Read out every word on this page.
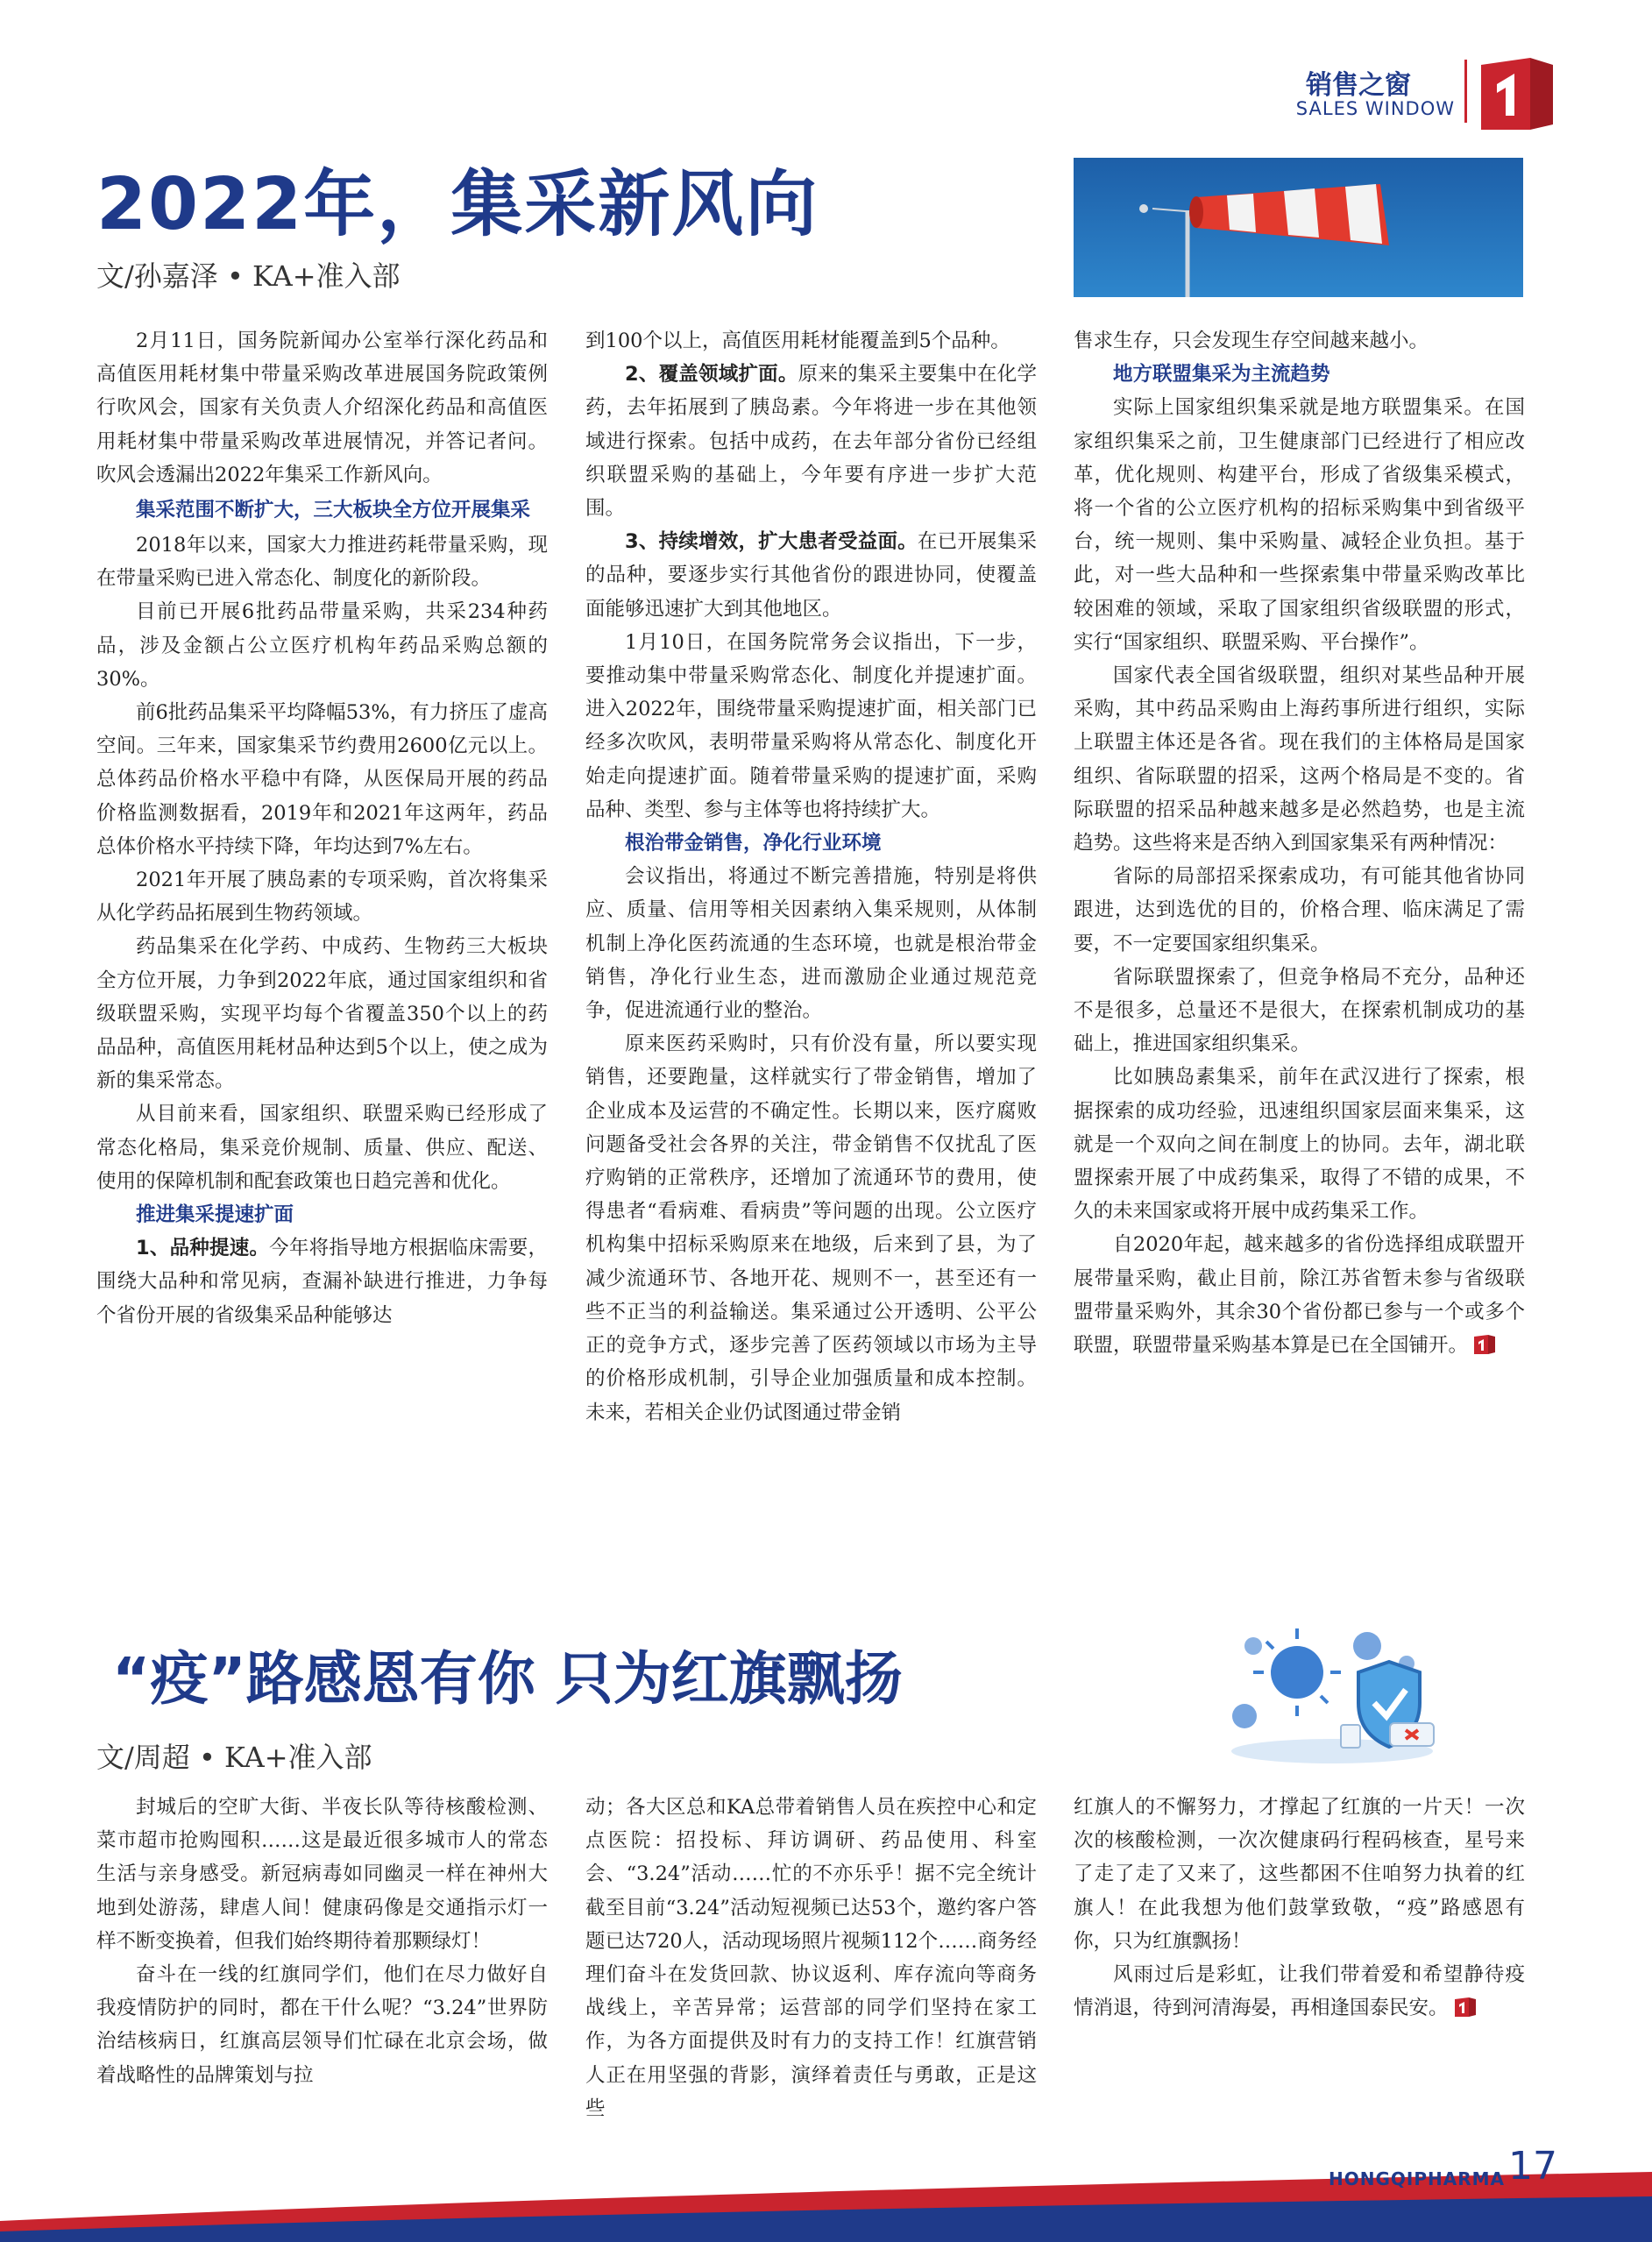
销售之窗
SALES WINDOW
2022年，集采新风向
文/孙嘉泽 • KA+准入部

2月11日，国务院新闻办公室举行深化药品和高值医用耗材集中带量采购改革进展国务院政策例行吹风会，国家有关负责人介绍深化药品和高值医用耗材集中带量采购改革进展情况，并答记者问。吹风会透漏出2022年集采工作新风向。

集采范围不断扩大，三大板块全方位开展集采

2018年以来，国家大力推进药耗带量采购，现在带量采购已进入常态化、制度化的新阶段。

目前已开展6批药品带量采购，共采234种药品，涉及金额占公立医疗机构年药品采购总额的30%。

前6批药品集采平均降幅53%，有力挤压了虚高空间。三年来，国家集采节约费用2600亿元以上。总体药品价格水平稳中有降，从医保局开展的药品价格监测数据看，2019年和2021年这两年，药品总体价格水平持续下降，年均达到7%左右。

2021年开展了胰岛素的专项采购，首次将集采从化学药品拓展到生物药领域。

药品集采在化学药、中成药、生物药三大板块全方位开展，力争到2022年底，通过国家组织和省级联盟采购，实现平均每个省覆盖350个以上的药品品种，高值医用耗材品种达到5个以上，使之成为新的集采常态。

从目前来看，国家组织、联盟采购已经形成了常态化格局，集采竞价规制、质量、供应、配送、使用的保障机制和配套政策也日趋完善和优化。

推进集采提速扩面

1、品种提速。今年将指导地方根据临床需要，围绕大品种和常见病，查漏补缺进行推进，力争每个省份开展的省级集采品种能够达

到100个以上，高值医用耗材能覆盖到5个品种。

2、覆盖领域扩面。原来的集采主要集中在化学药，去年拓展到了胰岛素。今年将进一步在其他领域进行探索。包括中成药，在去年部分省份已经组织联盟采购的基础上，今年要有序进一步扩大范围。

3、持续增效，扩大患者受益面。在已开展集采的品种，要逐步实行其他省份的跟进协同，使覆盖面能够迅速扩大到其他地区。

1月10日，在国务院常务会议指出，下一步，要推动集中带量采购常态化、制度化并提速扩面。进入2022年，围绕带量采购提速扩面，相关部门已经多次吹风，表明带量采购将从常态化、制度化开始走向提速扩面。随着带量采购的提速扩面，采购品种、类型、参与主体等也将持续扩大。

根治带金销售，净化行业环境

会议指出，将通过不断完善措施，特别是将供应、质量、信用等相关因素纳入集采规则，从体制机制上净化医药流通的生态环境，也就是根治带金销售，净化行业生态，进而激励企业通过规范竞争，促进流通行业的整治。

原来医药采购时，只有价没有量，所以要实现销售，还要跑量，这样就实行了带金销售，增加了企业成本及运营的不确定性。长期以来，医疗腐败问题备受社会各界的关注，带金销售不仅扰乱了医疗购销的正常秩序，还增加了流通环节的费用，使得患者“看病难、看病贵”等问题的出现。公立医疗机构集中招标采购原来在地级，后来到了县，为了减少流通环节、各地开花、规则不一，甚至还有一些不正当的利益输送。集采通过公开透明、公平公正的竞争方式，逐步完善了医药领域以市场为主导的价格形成机制，引导企业加强质量和成本控制。未来，若相关企业仍试图通过带金销

售求生存，只会发现生存空间越来越小。

地方联盟集采为主流趋势

实际上国家组织集采就是地方联盟集采。在国家组织集采之前，卫生健康部门已经进行了相应改革，优化规则、构建平台，形成了省级集采模式，将一个省的公立医疗机构的招标采购集中到省级平台，统一规则、集中采购量、减轻企业负担。基于此，对一些大品种和一些探索集中带量采购改革比较困难的领域，采取了国家组织省级联盟的形式，实行“国家组织、联盟采购、平台操作”。

国家代表全国省级联盟，组织对某些品种开展采购，其中药品采购由上海药事所进行组织，实际上联盟主体还是各省。现在我们的主体格局是国家组织、省际联盟的招采，这两个格局是不变的。省际联盟的招采品种越来越多是必然趋势，也是主流趋势。这些将来是否纳入到国家集采有两种情况：

省际的局部招采探索成功，有可能其他省协同跟进，达到选优的目的，价格合理、临床满足了需要，不一定要国家组织集采。

省际联盟探索了，但竞争格局不充分，品种还不是很多，总量还不是很大，在探索机制成功的基础上，推进国家组织集采。

比如胰岛素集采，前年在武汉进行了探索，根据探索的成功经验，迅速组织国家层面来集采，这就是一个双向之间在制度上的协同。去年，湖北联盟探索开展了中成药集采，取得了不错的成果，不久的未来国家或将开展中成药集采工作。

自2020年起，越来越多的省份选择组成联盟开展带量采购，截止目前，除江苏省暂未参与省级联盟带量采购外，其余30个省份都已参与一个或多个联盟，联盟带量采购基本算是已在全国铺开。

“疫”路感恩有你 只为红旗飘扬
文/周超 • KA+准入部

封城后的空旷大街、半夜长队等待核酸检测、菜市超市抢购囤积……这是最近很多城市人的常态生活与亲身感受。新冠病毒如同幽灵一样在神州大地到处游荡，肆虐人间！健康码像是交通指示灯一样不断变换着，但我们始终期待着那颗绿灯！

奋斗在一线的红旗同学们，他们在尽力做好自我疫情防护的同时，都在干什么呢？“3.24”世界防治结核病日，红旗高层领导们忙碌在北京会场，做着战略性的品牌策划与拉

动；各大区总和KA总带着销售人员在疾控中心和定点医院：招投标、拜访调研、药品使用、科室会、“3.24”活动……忙的不亦乐乎！据不完全统计截至目前“3.24”活动短视频已达53个，邀约客户答题已达720人，活动现场照片视频112个……商务经理们奋斗在发货回款、协议返利、库存流向等商务战线上，辛苦异常；运营部的同学们坚持在家工作，为各方面提供及时有力的支持工作！红旗营销人正在用坚强的背影，演绎着责任与勇敢，正是这些

红旗人的不懈努力，才撑起了红旗的一片天！一次次的核酸检测，一次次健康码行程码核查，星号来了走了走了又来了，这些都困不住咱努力执着的红旗人！在此我想为他们鼓掌致敬，“疫”路感恩有你，只为红旗飘扬！

风雨过后是彩虹，让我们带着爱和希望静待疫情消退，待到河清海晏，再相逢国泰民安。

HONGQIPHARMA 17
